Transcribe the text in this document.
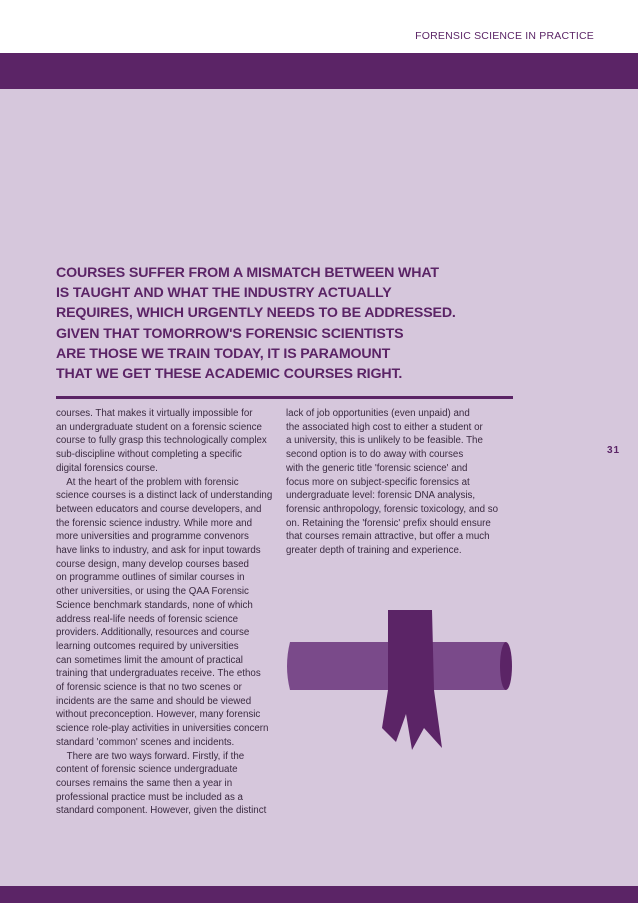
FORENSIC SCIENCE IN PRACTICE
COURSES SUFFER FROM A MISMATCH BETWEEN WHAT
IS TAUGHT AND WHAT THE INDUSTRY ACTUALLY
REQUIRES, WHICH URGENTLY NEEDS TO BE ADDRESSED.
GIVEN THAT TOMORROW'S FORENSIC SCIENTISTS
ARE THOSE WE TRAIN TODAY, IT IS PARAMOUNT
THAT WE GET THESE ACADEMIC COURSES RIGHT.

courses. That makes it virtually impossible for

an undergraduate student on a forensic science

course to fully grasp this technologically complex

sub-discipline without completing a specific

digital forensics course.

At the heart of the problem with forensic

science courses is a distinct lack of understanding

between educators and course developers, and

the forensic science industry. While more and

more universities and programme convenors

have links to industry, and ask for input towards

course design, many develop courses based

on programme outlines of similar courses in

other universities, or using the QAA Forensic

Science benchmark standards, none of which

address real-life needs of forensic science

providers. Additionally, resources and course

learning outcomes required by universities

can sometimes limit the amount of practical

training that undergraduates receive. The ethos

of forensic science is that no two scenes or

incidents are the same and should be viewed

without preconception. However, many forensic

science role-play activities in universities concern

standard 'common' scenes and incidents.

There are two ways forward. Firstly, if the

content of forensic science undergraduate

courses remains the same then a year in

professional practice must be included as a

standard component. However, given the distinct

lack of job opportunities (even unpaid) and

the associated high cost to either a student or

a university, this is unlikely to be feasible. The

second option is to do away with courses

with the generic title 'forensic science' and

focus more on subject-specific forensics at

undergraduate level: forensic DNA analysis,

forensic anthropology, forensic toxicology, and so

on. Retaining the 'forensic' prefix should ensure

that courses remain attractive, but offer a much

greater depth of training and experience.

31
